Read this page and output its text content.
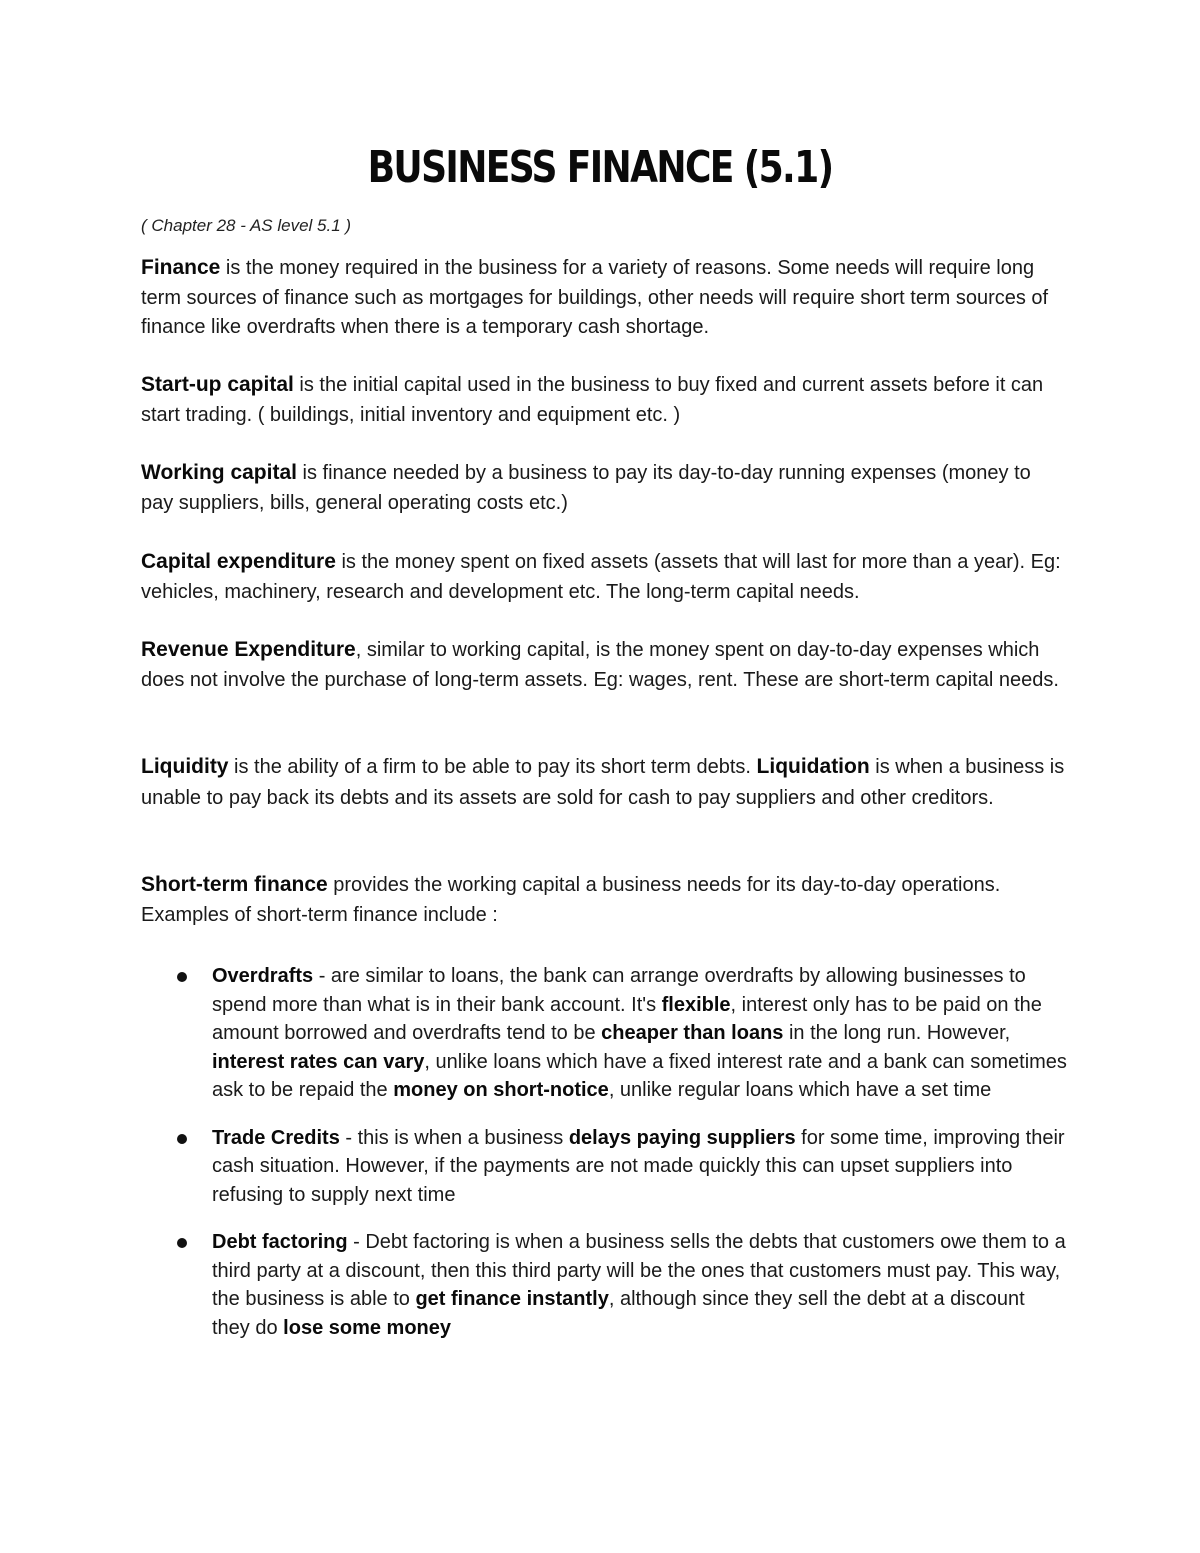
BUSINESS FINANCE (5.1)
( Chapter 28 - AS level 5.1 )

Finance is the money required in the business for a variety of reasons. Some needs will require long term sources of finance such as mortgages for buildings, other needs will require short term sources of finance like overdrafts when there is a temporary cash shortage.

Start-up capital is the initial capital used in the business to buy fixed and current assets before it can start trading. ( buildings, initial inventory and equipment etc. )

Working capital is finance needed by a business to pay its day-to-day running expenses (money to pay suppliers, bills, general operating costs etc.)

Capital expenditure is the money spent on fixed assets (assets that will last for more than a year). Eg: vehicles, machinery, research and development etc. The long-term capital needs.

Revenue Expenditure, similar to working capital, is the money spent on day-to-day expenses which does not involve the purchase of long-term assets. Eg: wages, rent. These are short-term capital needs.

Liquidity is the ability of a firm to be able to pay its short term debts. Liquidation is when a business is unable to pay back its debts and its assets are sold for cash to pay suppliers and other creditors.

Short-term finance provides the working capital a business needs for its day-to-day operations. Examples of short-term finance include :

Overdrafts - are similar to loans, the bank can arrange overdrafts by allowing businesses to spend more than what is in their bank account. It's flexible, interest only has to be paid on the amount borrowed and overdrafts tend to be cheaper than loans in the long run. However, interest rates can vary, unlike loans which have a fixed interest rate and a bank can sometimes ask to be repaid the money on short-notice, unlike regular loans which have a set time
Trade Credits - this is when a business delays paying suppliers for some time, improving their cash situation. However, if the payments are not made quickly this can upset suppliers into refusing to supply next time
Debt factoring - Debt factoring is when a business sells the debts that customers owe them to a third party at a discount, then this third party will be the ones that customers must pay. This way, the business is able to get finance instantly, although since they sell the debt at a discount they do lose some money
